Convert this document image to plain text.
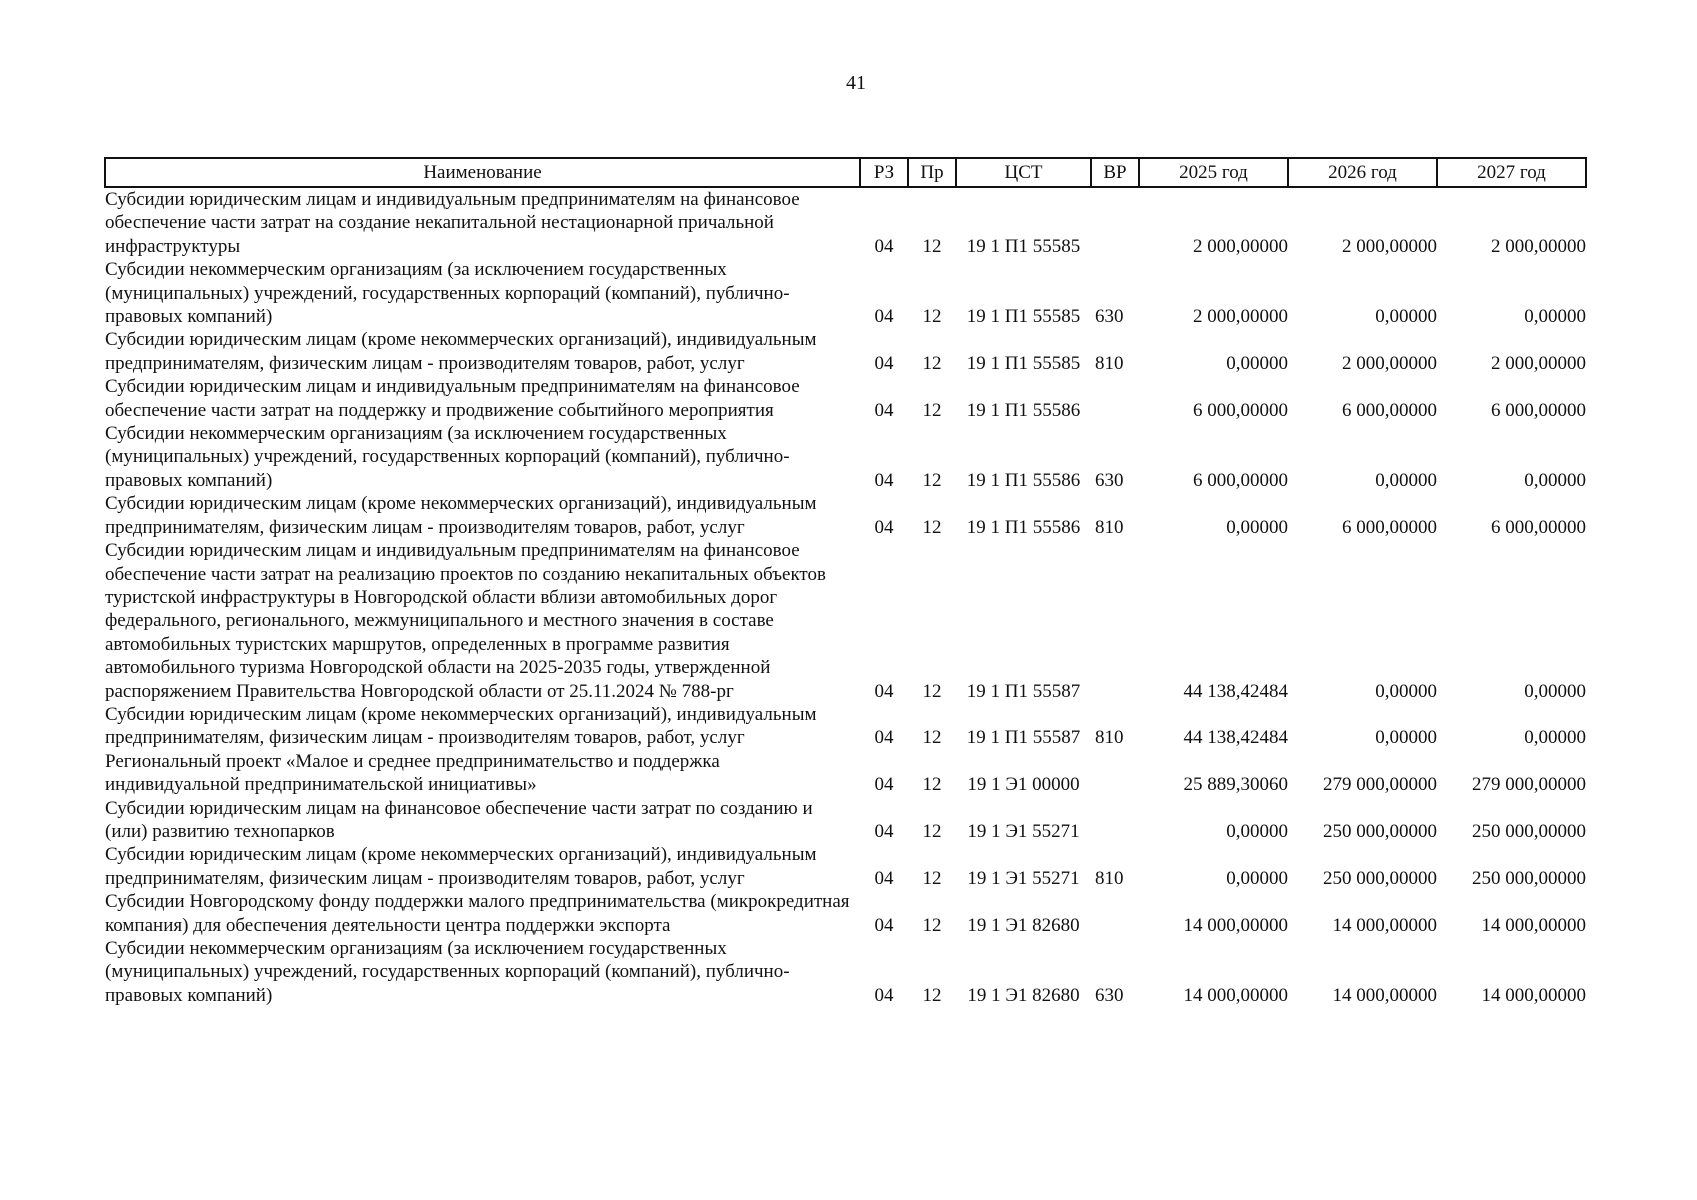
41
Наименование	РЗ	Пр	ЦСТ	ВР	2025 год	2026 год	2027 год
Субсидии юридическим лицам и индивидуальным предпринимателям на финансовое обеспечение части затрат на создание некапитальной нестационарной причальной инфраструктуры	04	12	19 1 П1 55585		2 000,00000	2 000,00000	2 000,00000
Субсидии некоммерческим организациям (за исключением государственных (муниципальных) учреждений, государственных корпораций (компаний), публично-правовых компаний)	04	12	19 1 П1 55585	630	2 000,00000	0,00000	0,00000
Субсидии юридическим лицам (кроме некоммерческих организаций), индивидуальным предпринимателям, физическим лицам - производителям товаров, работ, услуг	04	12	19 1 П1 55585	810	0,00000	2 000,00000	2 000,00000
Субсидии юридическим лицам и индивидуальным предпринимателям на финансовое обеспечение части затрат на поддержку и продвижение событийного мероприятия	04	12	19 1 П1 55586		6 000,00000	6 000,00000	6 000,00000
Субсидии некоммерческим организациям (за исключением государственных (муниципальных) учреждений, государственных корпораций (компаний), публично-правовых компаний)	04	12	19 1 П1 55586	630	6 000,00000	0,00000	0,00000
Субсидии юридическим лицам (кроме некоммерческих организаций), индивидуальным предпринимателям, физическим лицам - производителям товаров, работ, услуг	04	12	19 1 П1 55586	810	0,00000	6 000,00000	6 000,00000
Субсидии юридическим лицам и индивидуальным предпринимателям на финансовое обеспечение части затрат на реализацию проектов по созданию некапитальных объектов туристской инфраструктуры в Новгородской области вблизи автомобильных дорог федерального, регионального, межмуниципального и местного значения в составе автомобильных туристских маршрутов, определенных в программе развития автомобильного туризма Новгородской области на 2025-2035 годы, утвержденной распоряжением Правительства Новгородской области от 25.11.2024 № 788-рг	04	12	19 1 П1 55587		44 138,42484	0,00000	0,00000
Субсидии юридическим лицам (кроме некоммерческих организаций), индивидуальным предпринимателям, физическим лицам - производителям товаров, работ, услуг	04	12	19 1 П1 55587	810	44 138,42484	0,00000	0,00000
Региональный проект «Малое и среднее предпринимательство и поддержка индивидуальной предпринимательской инициативы»	04	12	19 1 Э1 00000		25 889,30060	279 000,00000	279 000,00000
Субсидии юридическим лицам на финансовое обеспечение части затрат по созданию и (или) развитию технопарков	04	12	19 1 Э1 55271		0,00000	250 000,00000	250 000,00000
Субсидии юридическим лицам (кроме некоммерческих организаций), индивидуальным предпринимателям, физическим лицам - производителям товаров, работ, услуг	04	12	19 1 Э1 55271	810	0,00000	250 000,00000	250 000,00000
Субсидии Новгородскому фонду поддержки малого предпринимательства (микрокредитная компания) для обеспечения деятельности центра поддержки экспорта	04	12	19 1 Э1 82680		14 000,00000	14 000,00000	14 000,00000
Субсидии некоммерческим организациям (за исключением государственных (муниципальных) учреждений, государственных корпораций (компаний), публично-правовых компаний)	04	12	19 1 Э1 82680	630	14 000,00000	14 000,00000	14 000,00000
